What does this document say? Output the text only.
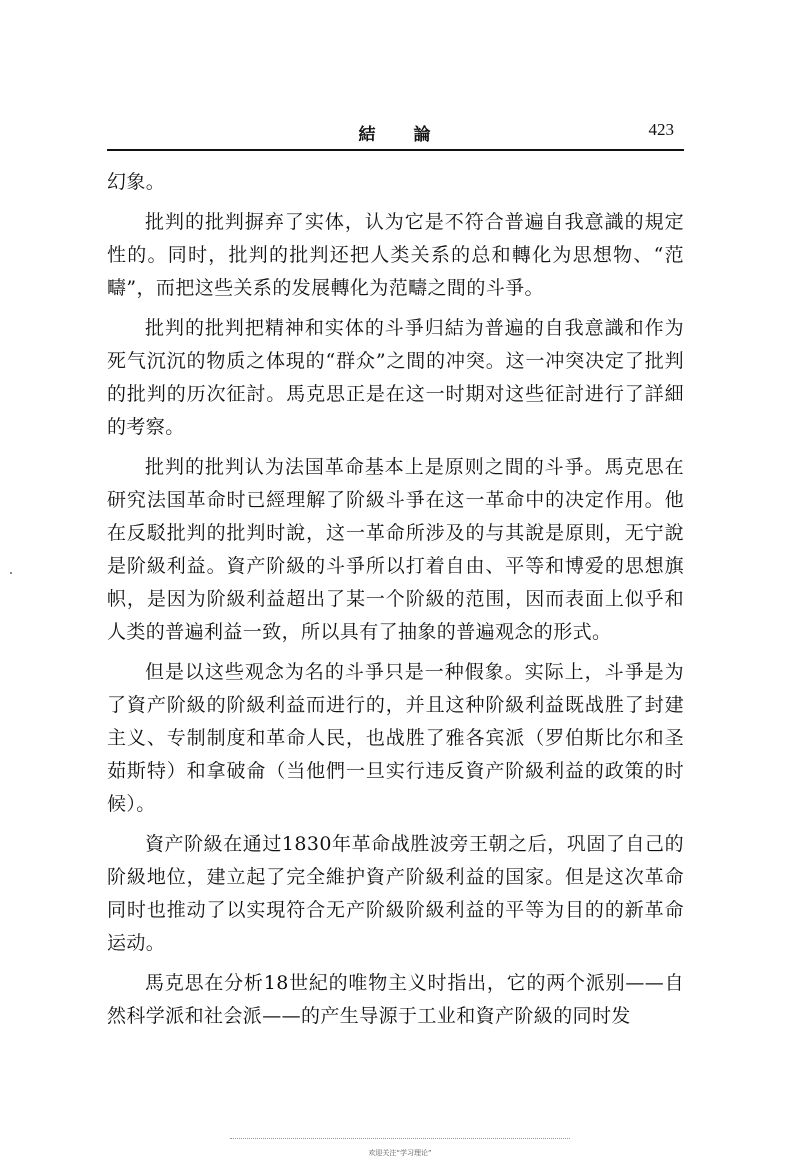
結論	423

幻象。

批判的批判摒弃了实体，认为它是不符合普遍自我意識的規定性的。同时，批判的批判还把人类关系的总和轉化为思想物、“范疇”，而把这些关系的发展轉化为范疇之間的斗爭。

批判的批判把精神和实体的斗爭归結为普遍的自我意識和作为死气沉沉的物质之体現的“群众”之間的冲突。这一冲突决定了批判的批判的历次征討。馬克思正是在这一时期对这些征討进行了詳細的考察。

批判的批判认为法国革命基本上是原则之間的斗爭。馬克思在研究法国革命时已經理解了阶級斗爭在这一革命中的决定作用。他在反駁批判的批判时說，这一革命所涉及的与其說是原則，无宁說是阶級利益。資产阶級的斗爭所以打着自由、平等和博爱的思想旗帜，是因为阶級利益超出了某一个阶級的范围，因而表面上似乎和人类的普遍利益一致，所以具有了抽象的普遍观念的形式。

但是以这些观念为名的斗爭只是一种假象。实际上，斗爭是为了資产阶級的阶級利益而进行的，并且这种阶級利益既战胜了封建主义、专制制度和革命人民，也战胜了雅各宾派（罗伯斯比尔和圣茹斯特）和拿破侖（当他們一旦实行违反資产阶級利益的政策的时候）。

資产阶級在通过1830年革命战胜波旁王朝之后，巩固了自己的阶級地位，建立起了完全維护資产阶級利益的国家。但是这次革命同时也推动了以实現符合无产阶級阶級利益的平等为目的的新革命运动。

馬克思在分析18世紀的唯物主义时指出，它的两个派别——自然科学派和社会派——的产生导源于工业和資产阶級的同时发

欢迎关注“学习理论”
